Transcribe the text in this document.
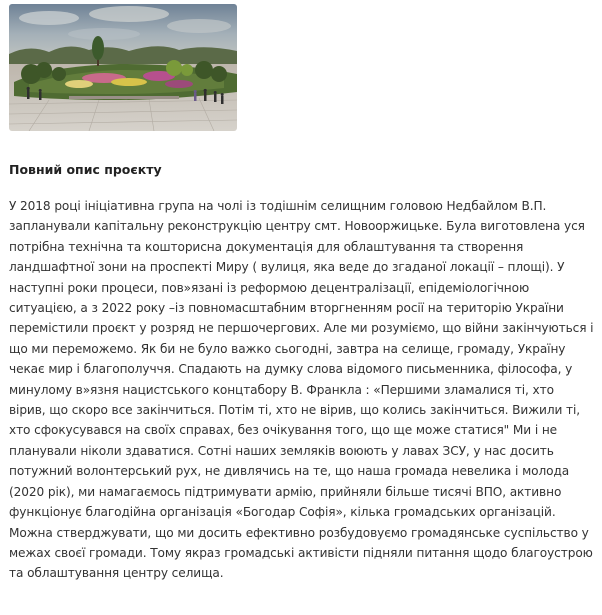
Повний опис проєкту

У 2018 році ініціативна група на чолі із тодішнім селищним головою Недбайлом В.П. запланували капітальну реконструкцію центру смт. Новооржицьке. Була виготовлена уся потрібна технічна та кошторисна документація для облаштування та створення ландшафтної зони на проспекті Миру ( вулиця, яка веде до згаданої локації – площі). У наступні роки процеси, пов»язані із реформою децентралізації, епідеміологічною ситуацією, а з 2022 року –із повномасштабним вторгненням росії на територію України перемістили проєкт у розряд не першочергових. Але ми розуміємо, що війни закінчуються і що ми переможемо. Як би не було важко сьогодні, завтра на селище, громаду, Україну чекає мир і благополуччя. Спадають на думку слова відомого письменника, філософа, у минулому в»язня нацистського концтабору В. Франкла : «Першими зламалися ті, хто вірив, що скоро все закінчиться. Потім ті, хто не вірив, що колись закінчиться. Вижили ті, хто сфокусувався на своїх справах, без очікування того, що ще може статися" Ми і не планували ніколи здаватися. Сотні наших земляків воюють у лавах ЗСУ, у нас досить потужний волонтерський рух, не дивлячись на те, що наша громада невелика і молода (2020 рік), ми намагаємось підтримувати армію, прийняли більше тисячі ВПО, активно функціонує благодійна організація «Богодар Софія», кілька громадських організацій. Можна стверджувати, що ми досить ефективно розбудовуємо громадянське суспільство у межах своєї громади. Тому якраз громадські активісти підняли питання щодо благоустрою та облаштування центру селища.
